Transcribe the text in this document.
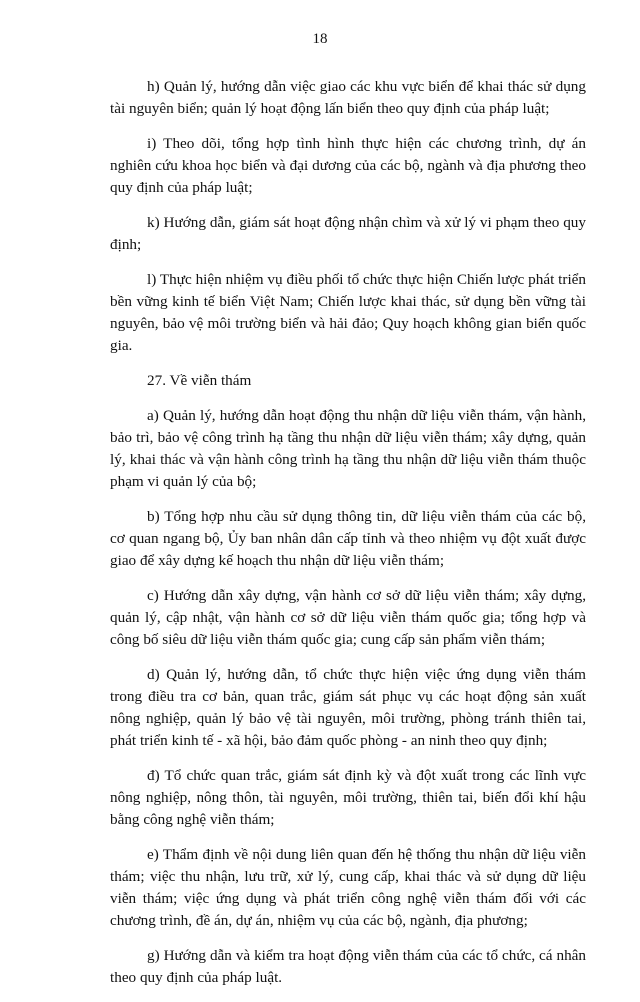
18

h) Quản lý, hướng dẫn việc giao các khu vực biển để khai thác sử dụng tài nguyên biển; quản lý hoạt động lấn biển theo quy định của pháp luật;

i) Theo dõi, tổng hợp tình hình thực hiện các chương trình, dự án nghiên cứu khoa học biển và đại dương của các bộ, ngành và địa phương theo quy định của pháp luật;

k) Hướng dẫn, giám sát hoạt động nhận chìm và xử lý vi phạm theo quy định;

l) Thực hiện nhiệm vụ điều phối tổ chức thực hiện Chiến lược phát triển bền vững kinh tế biển Việt Nam; Chiến lược khai thác, sử dụng bền vững tài nguyên, bảo vệ môi trường biển và hải đảo; Quy hoạch không gian biển quốc gia.

27. Về viễn thám

a) Quản lý, hướng dẫn hoạt động thu nhận dữ liệu viễn thám, vận hành, bảo trì, bảo vệ công trình hạ tầng thu nhận dữ liệu viễn thám; xây dựng, quản lý, khai thác và vận hành công trình hạ tầng thu nhận dữ liệu viễn thám thuộc phạm vi quản lý của bộ;

b) Tổng hợp nhu cầu sử dụng thông tin, dữ liệu viễn thám của các bộ, cơ quan ngang bộ, Ủy ban nhân dân cấp tỉnh và theo nhiệm vụ đột xuất được giao để xây dựng kế hoạch thu nhận dữ liệu viễn thám;

c) Hướng dẫn xây dựng, vận hành cơ sở dữ liệu viễn thám; xây dựng, quản lý, cập nhật, vận hành cơ sở dữ liệu viễn thám quốc gia; tổng hợp và công bố siêu dữ liệu viễn thám quốc gia; cung cấp sản phẩm viễn thám;

d) Quản lý, hướng dẫn, tổ chức thực hiện việc ứng dụng viễn thám trong điều tra cơ bản, quan trắc, giám sát phục vụ các hoạt động sản xuất nông nghiệp, quản lý bảo vệ tài nguyên, môi trường, phòng tránh thiên tai, phát triển kinh tế - xã hội, bảo đảm quốc phòng - an ninh theo quy định;

đ) Tổ chức quan trắc, giám sát định kỳ và đột xuất trong các lĩnh vực nông nghiệp, nông thôn, tài nguyên, môi trường, thiên tai, biến đổi khí hậu bằng công nghệ viễn thám;

e) Thẩm định về nội dung liên quan đến hệ thống thu nhận dữ liệu viễn thám; việc thu nhận, lưu trữ, xử lý, cung cấp, khai thác và sử dụng dữ liệu viễn thám; việc ứng dụng và phát triển công nghệ viễn thám đối với các chương trình, đề án, dự án, nhiệm vụ của các bộ, ngành, địa phương;

g) Hướng dẫn và kiểm tra hoạt động viễn thám của các tổ chức, cá nhân theo quy định của pháp luật.
